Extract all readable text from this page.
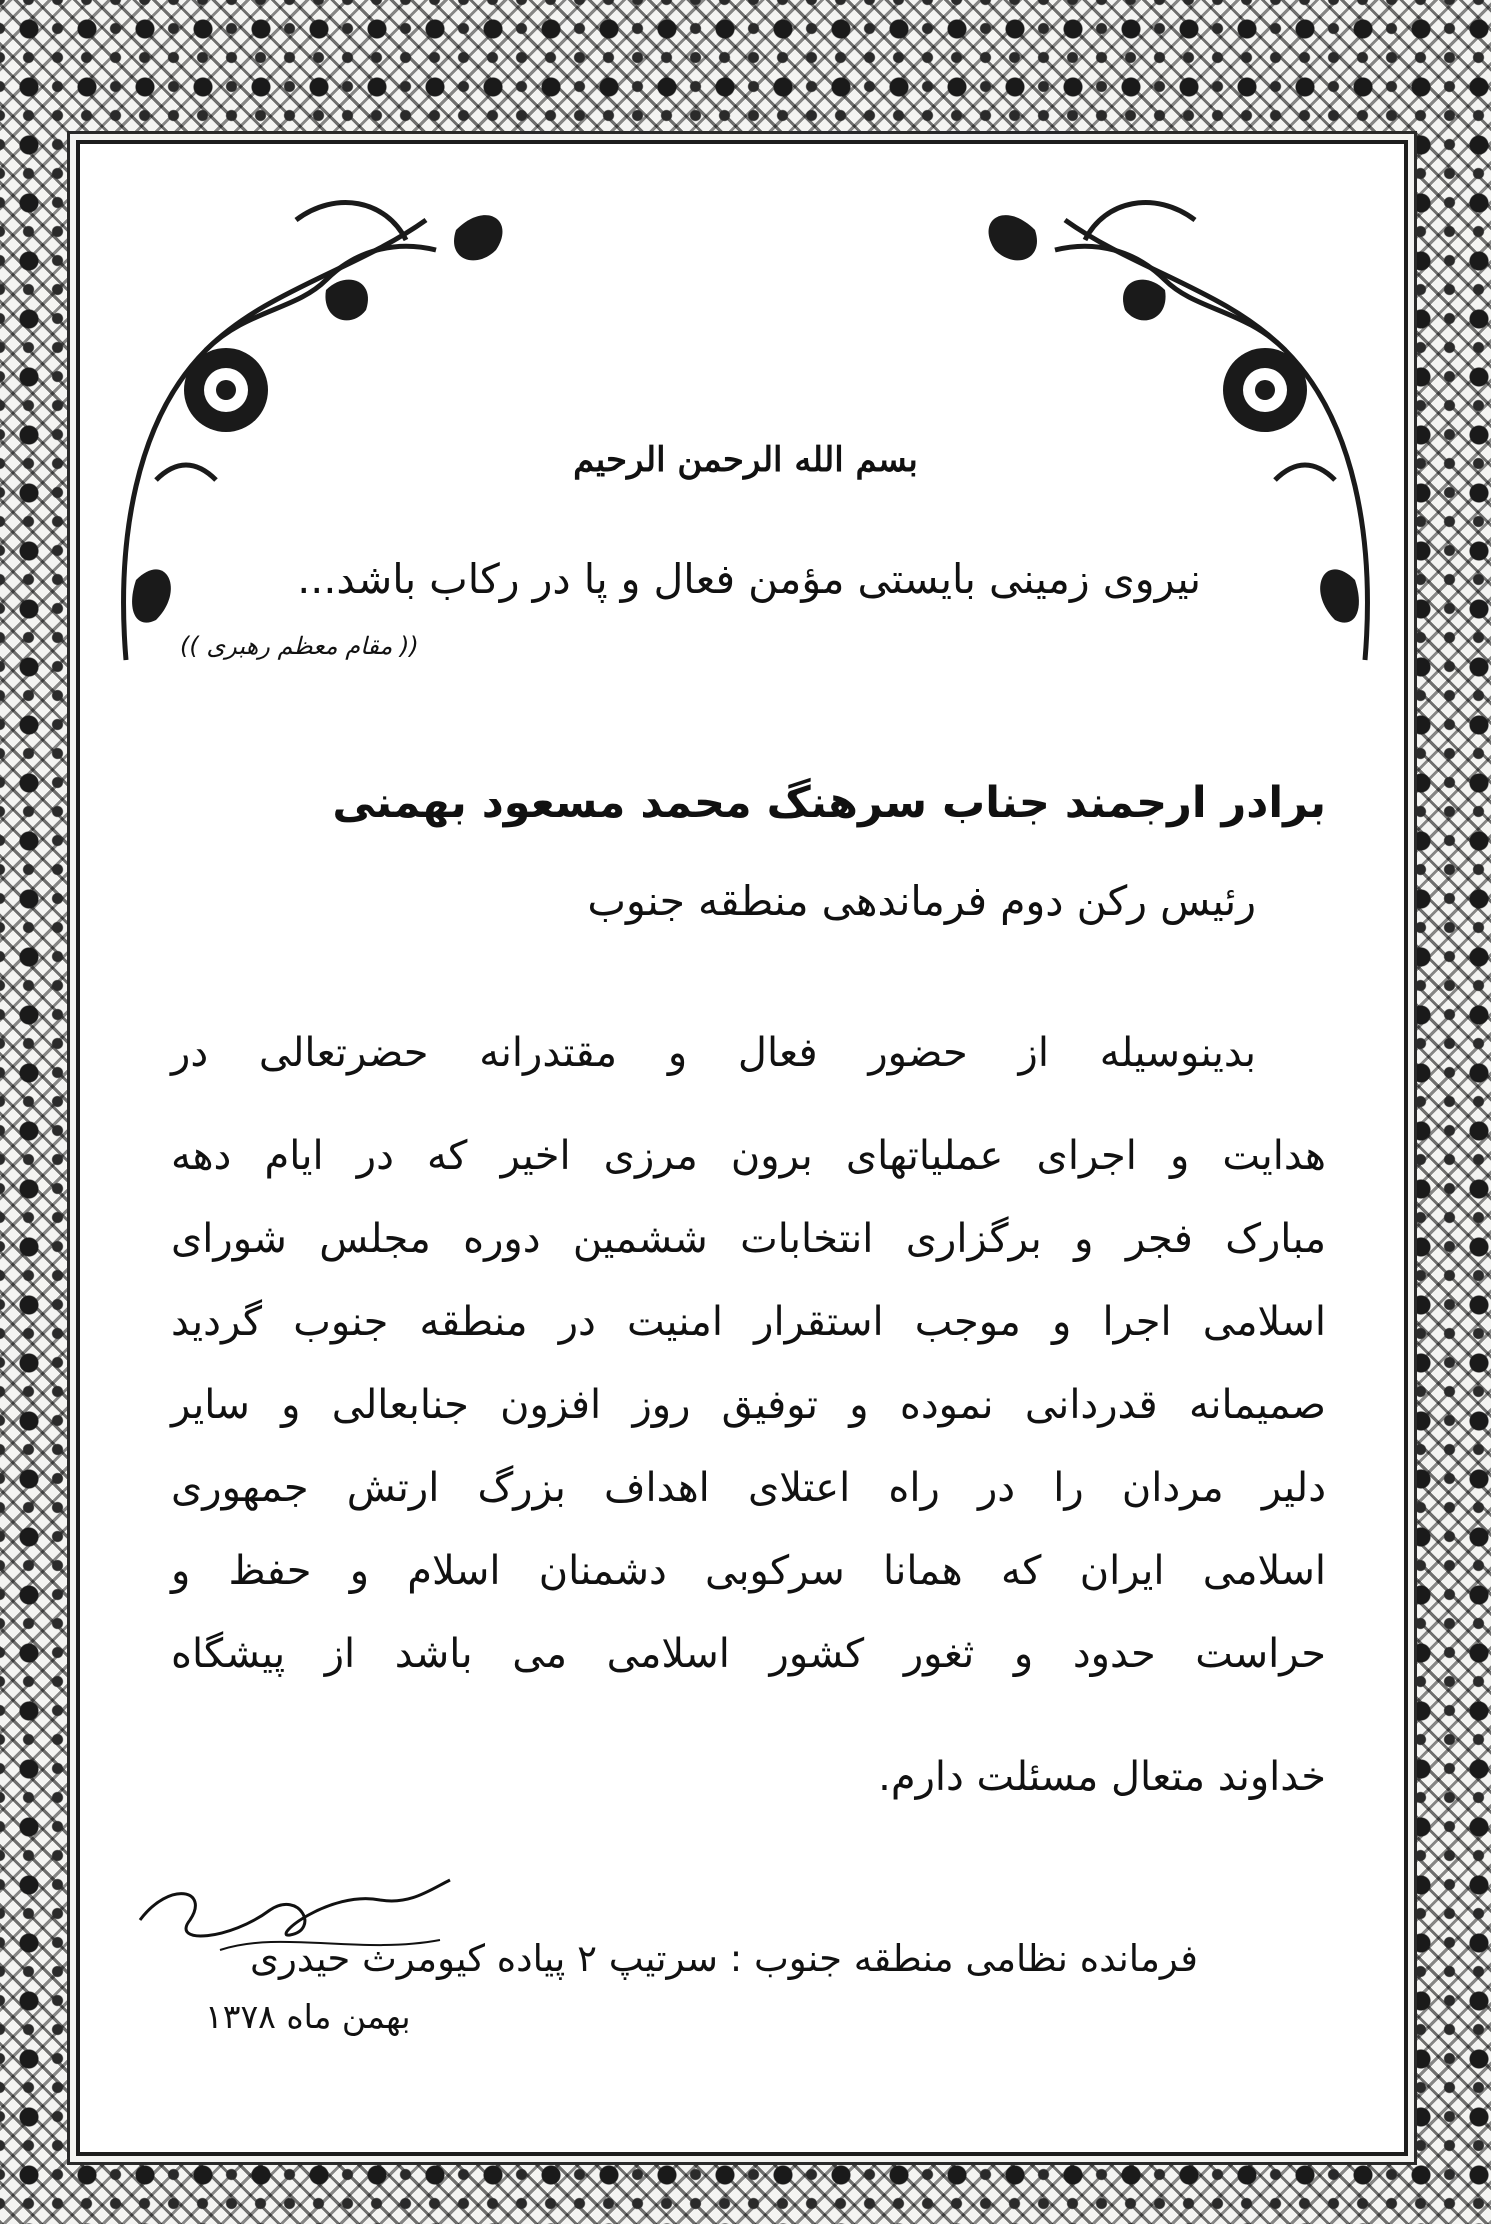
بسم الله الرحمن الرحیم
نیروی زمینی بایستی مؤمن فعال و پا در رکاب باشد...
(( مقام معظم رهبری ))
برادر ارجمند جناب سرهنگ محمد مسعود بهمنی
رئیس رکن دوم فرماندهی منطقه جنوب
بدینوسیله از حضور فعال و مقتدرانه حضرتعالی در
هدایت و اجرای عملیاتهای برون مرزی اخیر که در ایام دهه
مبارک فجر و برگزاری انتخابات ششمین دوره مجلس شورای
اسلامی اجرا و موجب استقرار امنیت در منطقه جنوب گردید
صمیمانه قدردانی نموده و توفیق روز افزون جنابعالی و سایر
دلیر مردان را در راه اعتلای اهداف بزرگ ارتش جمهوری
اسلامی ایران که همانا سرکوبی دشمنان اسلام و حفظ و
حراست حدود و ثغور کشور اسلامی می باشد از پیشگاه
خداوند متعال مسئلت دارم.
فرمانده نظامی منطقه جنوب : سرتیپ ۲ پیاده کیومرث حیدری
بهمن ماه ۱۳۷۸
